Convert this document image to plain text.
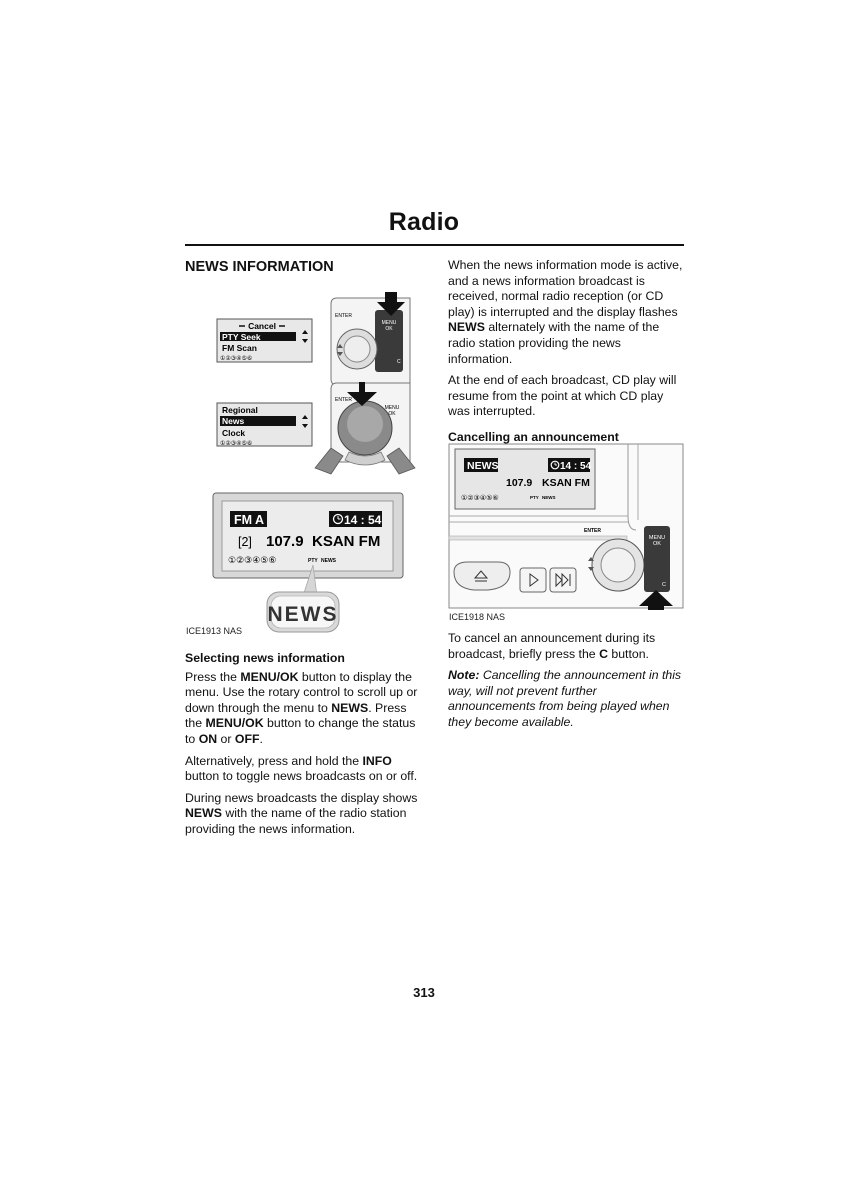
Radio
NEWS INFORMATION
Cancel
PTY Seek
FM Scan
①②③④⑤⑥
ENTER
MENU
OK
C
Regional
News
Clock
①②③④⑤⑥
ENTER
MENU
OK
FM A	14 : 54
[2] 107.9 KSAN FM
①②③④⑤⑥	PTY NEWS
NEWS
ICE1913 NAS
Selecting news information

Press the MENU/OK button to display the menu. Use the rotary control to scroll up or down through the menu to NEWS. Press the MENU/OK button to change the status to ON or OFF.

Alternatively, press and hold the INFO button to toggle news broadcasts on or off.

During news broadcasts the display shows NEWS with the name of the radio station providing the news information.

When the news information mode is active, and a news information broadcast is received, normal radio reception (or CD play) is interrupted and the display flashes NEWS alternately with the name of the radio station providing the news information.

At the end of each broadcast, CD play will resume from the point at which CD play was interrupted.

Cancelling an announcement
NEWS	14 : 54
107.9 KSAN FM
①②③④⑤⑥	PTY NEWS
ENTER
MENU
OK
C
ICE1918 NAS

To cancel an announcement during its broadcast, briefly press the C button.

Note: Cancelling the announcement in this way, will not prevent further announcements from being played when they become available.

313
